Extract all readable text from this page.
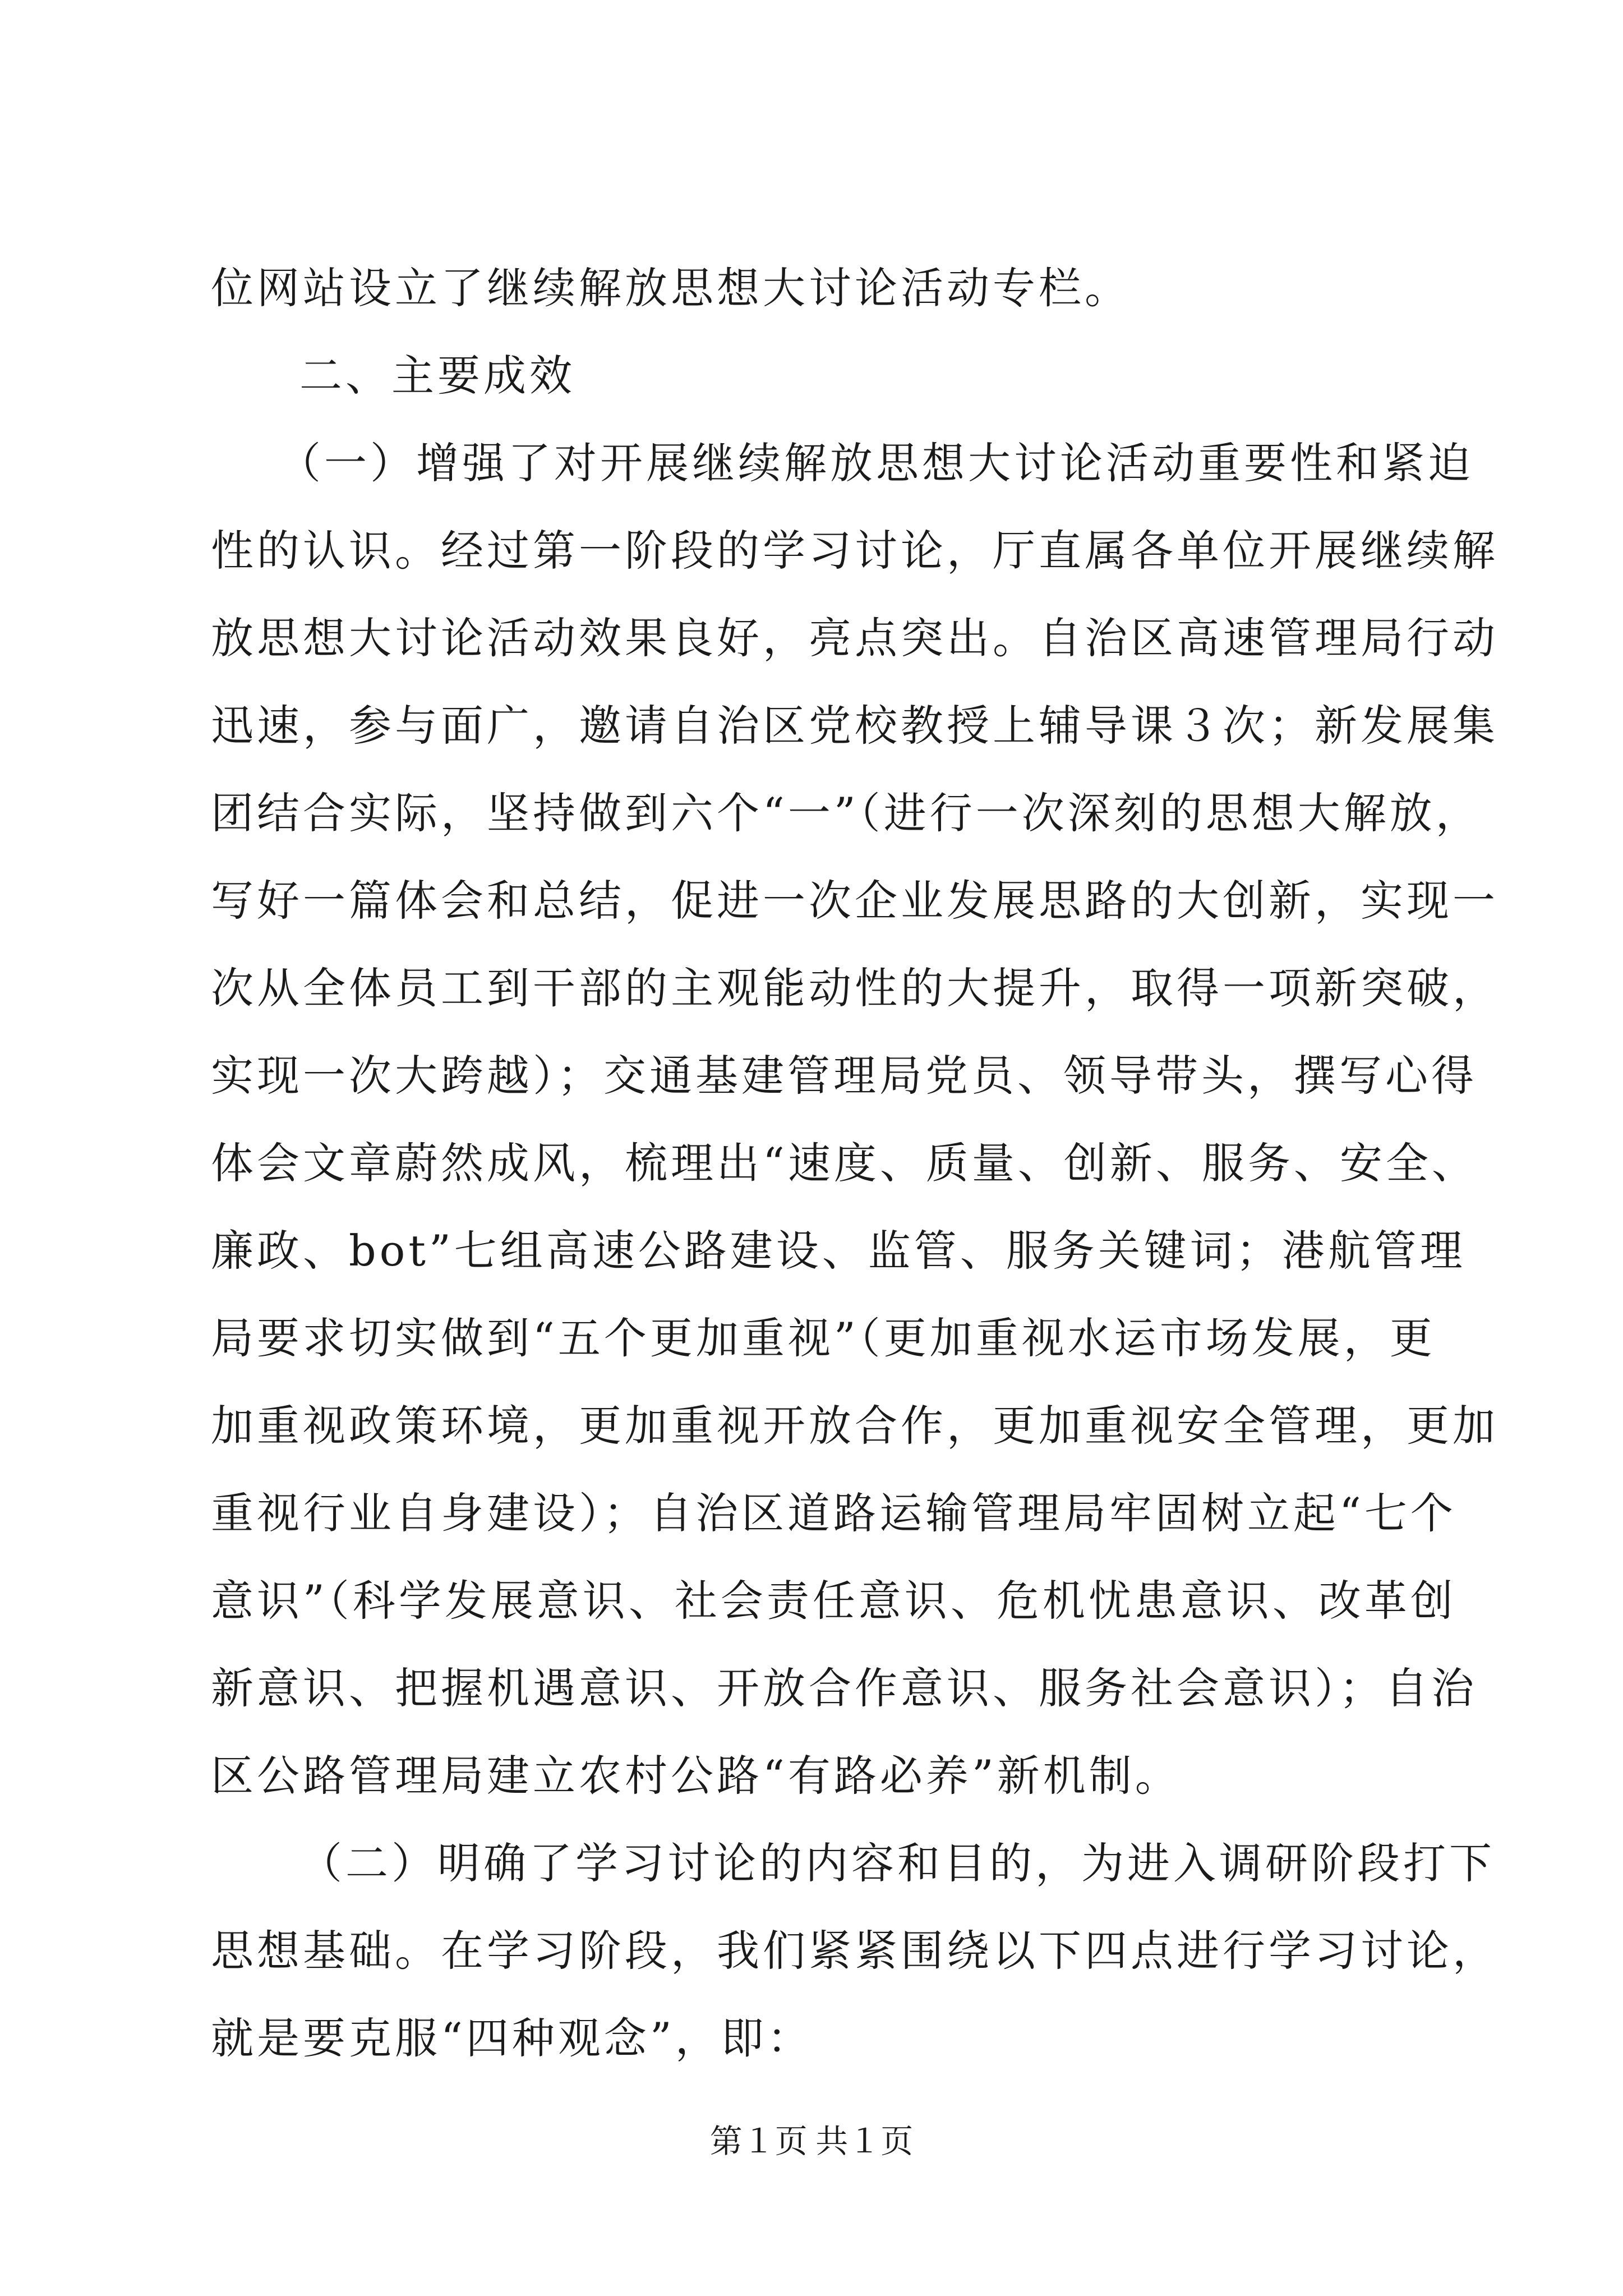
位网站设立了继续解放思想大讨论活动专栏。
二、主要成效
（一）增强了对开展继续解放思想大讨论活动重要性和紧迫
性的认识。经过第一阶段的学习讨论，厅直属各单位开展继续解
放思想大讨论活动效果良好，亮点突出。自治区高速管理局行动
迅速，参与面广，邀请自治区党校教授上辅导课３次；新发展集
团结合实际，坚持做到六个“一”（进行一次深刻的思想大解放，
写好一篇体会和总结，促进一次企业发展思路的大创新，实现一
次从全体员工到干部的主观能动性的大提升，取得一项新突破，
实现一次大跨越）；交通基建管理局党员、领导带头，撰写心得
体会文章蔚然成风，梳理出“速度、质量、创新、服务、安全、
廉政、bot”七组高速公路建设、监管、服务关键词；港航管理
局要求切实做到“五个更加重视”（更加重视水运市场发展，更
加重视政策环境，更加重视开放合作，更加重视安全管理，更加
重视行业自身建设）；自治区道路运输管理局牢固树立起“七个
意识”（科学发展意识、社会责任意识、危机忧患意识、改革创
新意识、把握机遇意识、开放合作意识、服务社会意识）；自治
区公路管理局建立农村公路“有路必养”新机制。
（二）明确了学习讨论的内容和目的，为进入调研阶段打下
思想基础。在学习阶段，我们紧紧围绕以下四点进行学习讨论，
就是要克服“四种观念”，即：
第１页 共１页
